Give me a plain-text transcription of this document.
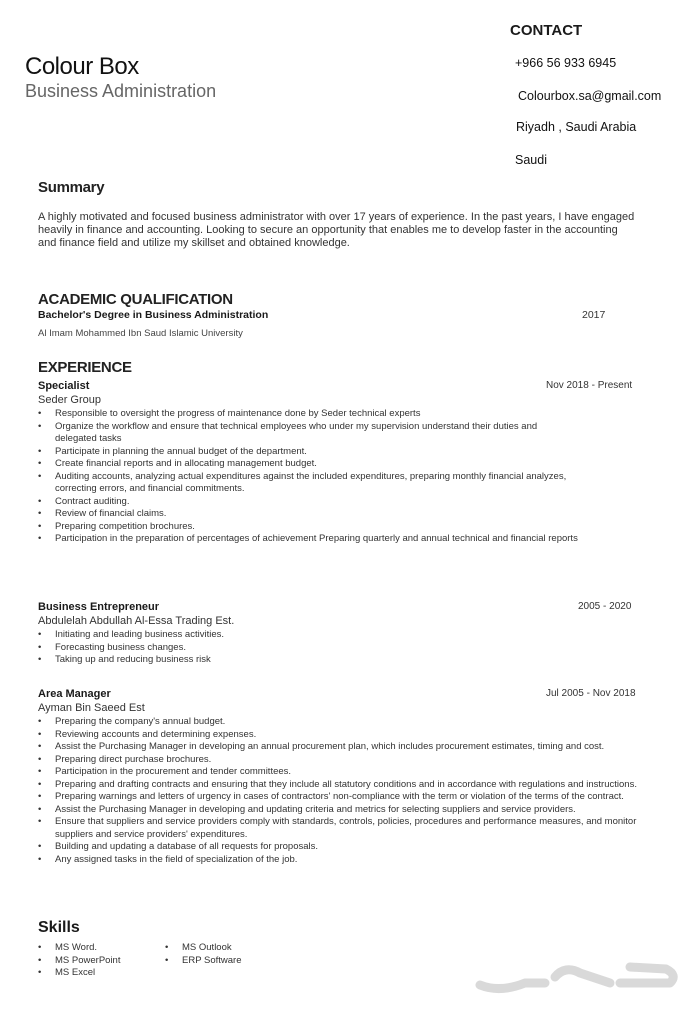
Colour Box
Business Administration
CONTACT
+966 56 933 6945
Colourbox.sa@gmail.com
Riyadh , Saudi Arabia
Saudi
Summary
A highly motivated and focused business administrator with over 17 years of experience. In the past years, I have engaged heavily in finance and accounting. Looking to secure an opportunity that enables me to develop faster in the accounting and finance field and utilize my skillset and obtained knowledge.
ACADEMIC QUALIFICATION
Bachelor's Degree in Business Administration
Al Imam Mohammed Ibn Saud Islamic University
2017
EXPERIENCE
Specialist	Nov 2018 - Present
Seder Group
• Responsible to oversight the progress of maintenance done by Seder technical experts
• Organize the workflow and ensure that technical employees who under my supervision understand their duties and delegated tasks
• Participate in planning the annual budget of the department.
• Create financial reports and in allocating management budget.
• Auditing accounts, analyzing actual expenditures against the included expenditures, preparing monthly financial analyzes, correcting errors, and financial commitments.
• Contract auditing.
• Review of financial claims.
• Preparing competition brochures.
• Participation in the preparation of percentages of achievement Preparing quarterly and annual technical and financial reports
Business Entrepreneur	2005 - 2020
Abdulelah Abdullah Al-Essa Trading Est.
• Initiating and leading business activities.
• Forecasting business changes.
• Taking up and reducing business risk
Area Manager	Jul 2005 - Nov 2018
Ayman Bin Saeed Est
• Preparing the company's annual budget.
• Reviewing accounts and determining expenses.
• Assist the Purchasing Manager in developing an annual procurement plan, which includes procurement estimates, timing and cost.
• Preparing direct purchase brochures.
• Participation in the procurement and tender committees.
• Preparing and drafting contracts and ensuring that they include all statutory conditions and in accordance with regulations and instructions.
• Preparing warnings and letters of urgency in cases of contractors' non-compliance with the term or violation of the terms of the contract.
• Assist the Purchasing Manager in developing and updating criteria and metrics for selecting suppliers and service providers.
• Ensure that suppliers and service providers comply with standards, controls, policies, procedures and performance measures, and monitor suppliers and service providers' expenditures.
• Building and updating a database of all requests for proposals.
• Any assigned tasks in the field of specialization of the job.
Skills
• MS Word.
• MS PowerPoint
• MS Excel
• MS Outlook
• ERP Software
